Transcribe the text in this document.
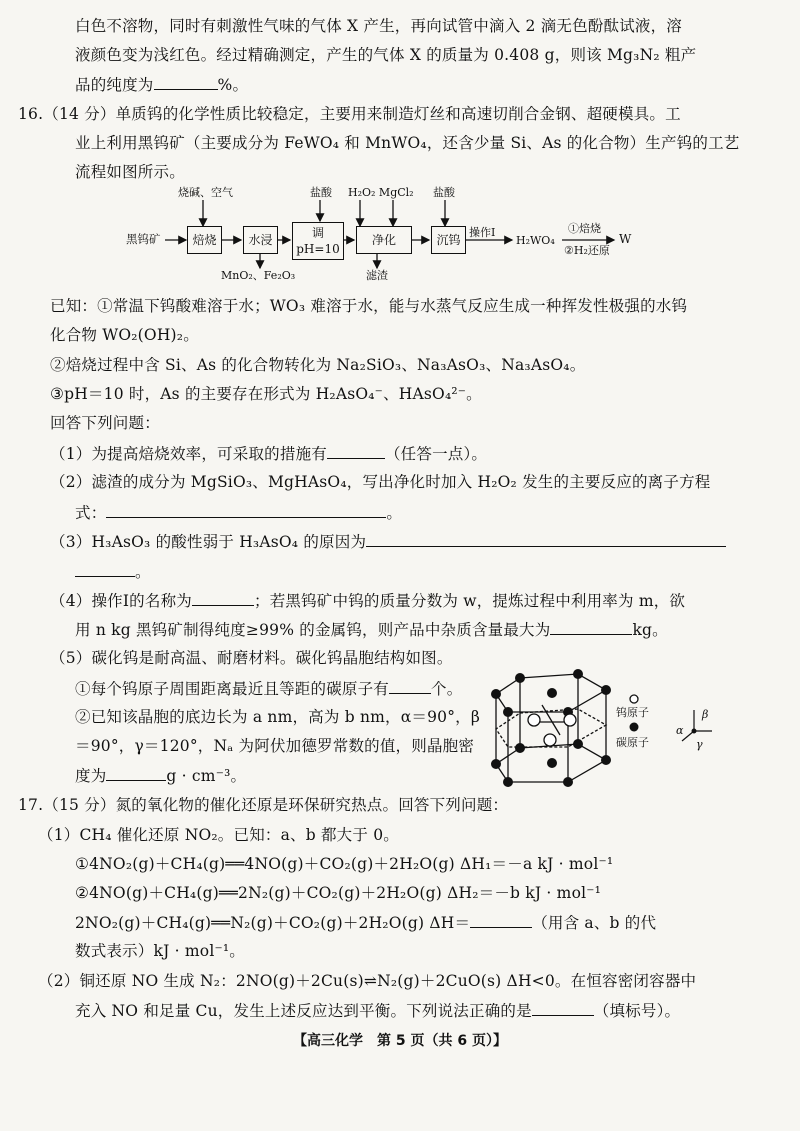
白色不溶物，同时有刺激性气味的气体 X 产生，再向试管中滴入 2 滴无色酚酞试液，溶
液颜色变为浅红色。经过精确测定，产生的气体 X 的质量为 0.408 g，则该 Mg₃N₂ 粗产
品的纯度为	%。
16.（14 分）单质钨的化学性质比较稳定，主要用来制造灯丝和高速切削合金钢、超硬模具。工
业上利用黑钨矿（主要成分为 FeWO₄ 和 MnWO₄，还含少量 Si、As 的化合物）生产钨的工艺
流程如图所示。
黑钨矿
烧碱、空气
焙烧	水浸
MnO₂、Fe₂O₃
盐酸
调
pH=10
H₂O₂ MgCl₂
净化
滤渣
盐酸
沉钨
操作Ⅰ
H₂WO₄
①焙烧
②H₂还原
W
已知：①常温下钨酸难溶于水；WO₃ 难溶于水，能与水蒸气反应生成一种挥发性极强的水钨
化合物 WO₂(OH)₂。
②焙烧过程中含 Si、As 的化合物转化为 Na₂SiO₃、Na₃AsO₃、Na₃AsO₄。
③pH＝10 时，As 的主要存在形式为 H₂AsO₄⁻、HAsO₄²⁻。
回答下列问题：
（1）为提高焙烧效率，可采取的措施有	（任答一点）。
（2）滤渣的成分为 MgSiO₃、MgHAsO₄，写出净化时加入 H₂O₂ 发生的主要反应的离子方程
式：	。
（3）H₃AsO₃ 的酸性弱于 H₃AsO₄ 的原因为
。
（4）操作Ⅰ的名称为	；若黑钨矿中钨的质量分数为 w，提炼过程中利用率为 m，欲
用 n kg 黑钨矿制得纯度≥99% 的金属钨，则产品中杂质含量最大为	kg。
（5）碳化钨是耐高温、耐磨材料。碳化钨晶胞结构如图。
①每个钨原子周围距离最近且等距的碳原子有	个。
②已知该晶胞的底边长为 a nm，高为 b nm，α＝90°，β
＝90°，γ＝120°，Nₐ 为阿伏加德罗常数的值，则晶胞密
度为	g · cm⁻³。
钨原子
碳原子
α
β
γ
17.（15 分）氮的氧化物的催化还原是环保研究热点。回答下列问题：
（1）CH₄ 催化还原 NO₂。已知：a、b 都大于 0。
①4NO₂(g)＋CH₄(g)══4NO(g)＋CO₂(g)＋2H₂O(g) ΔH₁＝－a kJ · mol⁻¹
②4NO(g)＋CH₄(g)══2N₂(g)＋CO₂(g)＋2H₂O(g) ΔH₂＝－b kJ · mol⁻¹
2NO₂(g)＋CH₄(g)══N₂(g)＋CO₂(g)＋2H₂O(g) ΔH＝	（用含 a、b 的代
数式表示）kJ · mol⁻¹。
（2）铜还原 NO 生成 N₂：2NO(g)＋2Cu(s)⇌N₂(g)＋2CuO(s) ΔH<0。在恒容密闭容器中
充入 NO 和足量 Cu，发生上述反应达到平衡。下列说法正确的是	（填标号）。
【高三化学　第 5 页（共 6 页）】
